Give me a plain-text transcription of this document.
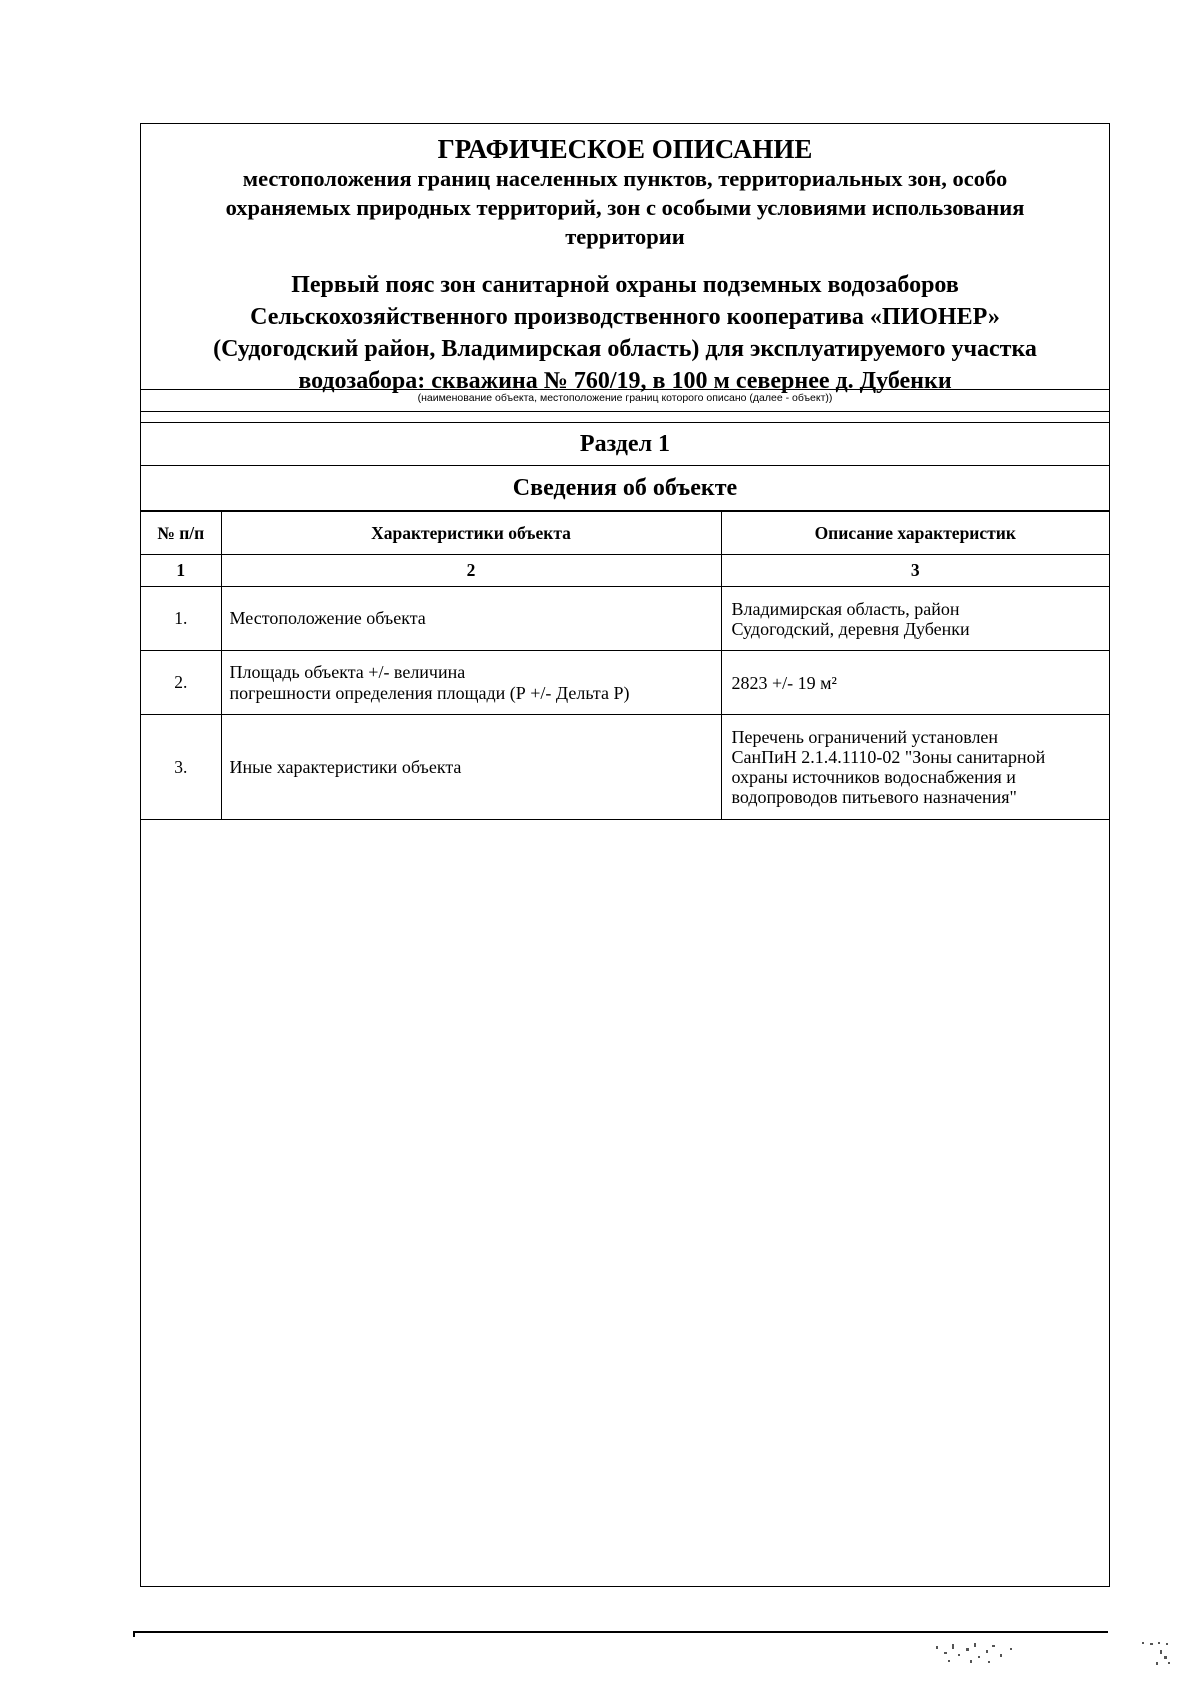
ГРАФИЧЕСКОЕ ОПИСАНИЕ
местоположения границ населенных пунктов, территориальных зон, особо
охраняемых природных территорий, зон с особыми условиями использования
территории
Первый пояс зон санитарной охраны подземных водозаборов
Сельскохозяйственного производственного кооператива «ПИОНЕР»
(Судогодский район, Владимирская область) для эксплуатируемого участка
водозабора: скважина № 760/19, в 100 м севернее д. Дубенки
(наименование объекта, местоположение границ которого описано (далее - объект))
Раздел 1
Сведения об объекте
№ п/п	Характеристики объекта	Описание характеристик
1	2	3
1.	Местоположение объекта	Владимирская область, район
Судогодский, деревня Дубенки

2.	Площадь объекта +/- величина
погрешности определения площади (Р +/- Дельта Р)	2823 +/- 19 м²

3.	Иные характеристики объекта	Перечень ограничений установлен
СанПиН 2.1.4.1110-02 "Зоны санитарной
охраны источников водоснабжения и
водопроводов питьевого назначения"
